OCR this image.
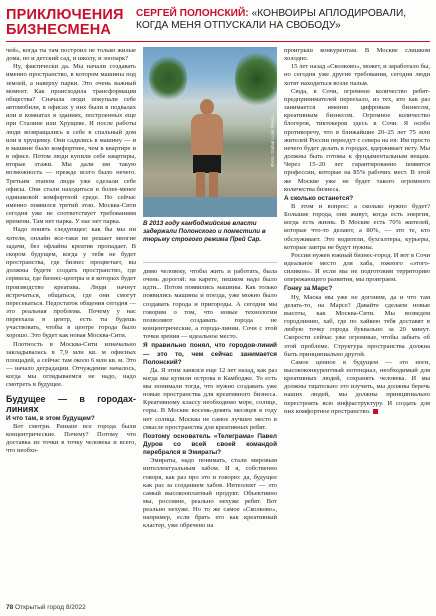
ПРИКЛЮЧЕНИЯ
БИЗНЕСМЕНА
СЕРГЕЙ ПОЛОНСКИЙ: «КОНВОИРЫ АПЛОДИРОВАЛИ, КОГДА МЕНЯ ОТПУСКАЛИ НА СВОБОДУ»

чей», когда ты там построил не только жилые дома, но и детский сад, и школу, и зоопарк?

Ну, фактически да. Мы начали создавать именно пространство, в котором машины под землей, а наверху парки. Это очень важный момент. Как происходила трансформация общества? Сначала люди покупали себе автомобили, в офисах у них были в подвалах или в комнатах в зданиях, построенных еще при Сталине или Хрущеве. И после работы люди возвращались к себе в спальный дом или в хрущевку. Они садились в машину — и в машине было комфортнее, чем в квартире и в офисе. Потом люди купили себе квартиры, вторые этажи. Мы дали им такую возможность — прежде всего было нечего. Третьим этапом люди уже сделали себе офисы. Они стали находиться в более-менее одинаковой комфортной среде. Но сейчас именно появился третий этап. Москва-Сити сегодня уже не соответствует требованиям времени. Там нет парка. У нас нет парка.

Надо понять следующее: как бы мы ни хотели, онлайн все-таки не решает многие задачи, без офлайна креатив пропадает. В скором будущем, когда у тебя не будет пространства, где бизнес процветает, вы должны будете создать пространство, где сервисы, где бизнес-центры и в которых будет производство креатива. Люди начнут встречаться, общаться, где они смогут пересекаться. Недостаток общения сегодня — это реальная проблема. Почему у нас переехала в центр, есть ты будешь участвовать, чтобы в центре города было хорошо. Это будет как новая Москва-Сити.

Плотность в Москва-Сити изначально закладывалась в 7,9 млн кв. м офисных площадей, а сейчас там около 6 млн кв. м. Это — начало деградации. Отчуждение началось, когда мы оглядываемся не надо, надо смотреть в будущее.

Будущее — в городах-линиях

И что там, в этом будущем?

Вот смотри. Раньше все города были концентрические. Почему? Потому что доставка из точки в точку человека и всего, что необхо-

Фото: Global Look Press
В 2013 году камбоджийские власти задержали Полонского и поместили в тюрьму строгого режима Прей Сар.

димо человеку, чтобы жить и работать, была очень дорогой: на карете, пешком надо было идти... Потом появились машины. Как только появились машины и поезда, уже можно было создавать города и пригороды. А сегодня мы говорим о том, что новые технологии позволяют создавать города не концентрические, а города-линии. Сочи с этой точки зрения — идеальное место.

Я правильно понял, что городов-линий — это то, чем сейчас занимается Полонский?

Да. Я этим занялся еще 12 лет назад, как раз когда мы купили острова в Камбодже. То есть мы понимали тогда, что нужно создавать уже новые пространства для креативного бизнеса. Креативному классу необходимо море, солнце, горы. В Москве восемь-девять месяцев в году нет солнца. Москва не самое лучшее место в смысле пространства для креативных ребят.

Поэтому основатель «Телеграма» Павел Дуров со всей своей командой перебрался в Эмираты?

Эмираты, надо понимать, стали мировым интеллектуальным хабом. И я, собственно говоря, как раз про это и говорю: да, будущее как раз за созданием хабов. Интеллект — это самый высокооплатный продукт. Объективно мы, россияне, реально нехуже ребят. Вот реально нехуже. Но то же самое «Сколково», например, если брать его как креативный кластер, уже обречено на

проигрыш конкурентам. В Москве слишком холодно.

15 лет назад «Сколково», может, и заработало бы, но сегодня уже другие требования, сегодня люди хотят находиться возле пальм.

Сюда, в Сочи, огромное количество ребят-предпринимателей переехало, из тех, кто как раз занимается именно цифровым бизнесом, креативным бизнесом. Огромное количество блогеров, тиктокеров здесь в Сочи. Я особо противоречу, что в ближайшие 20–25 лет 75 млн жителей России переедут с севера на юг. Им просто нечего будет делать в городах, вдерживает нету. Мы должны быть готовы к фундаментальным вещам. Через 15–20 лет гарантированно появятся профессии, которые на 85% рабочих мест. В этой же Москве уже не будет такого огромного количества бизнеса.

А сколько останется?

В этом и вопрос: а сколько нужно будет? Большие города, они живут, когда есть энергия, когда есть жизнь. В Москве есть 70% жителей, которые что-то делают, а 80%, — это те, кто обслуживает. Это водители, бухгалтеры, курьеры, которые завтра не будут нужны.

России нужен южный бизнес-город. И вот в Сочи идеальное место для хаба, южного «этого-силикон». И если мы не подготовим территорию опережающего развития, мы проиграем.

Гонку за Марс?

Ну, Маска мы уже не догоним, да и что там делать-то, на Марсе? Давайте сделаем новые высоты, как Москва-Сити. Мы возведем городлинию, хаб, где по хайвею тебя доставят в любую точку города буквально за 20 минут. Скорости сейчас уже огромные, чтобы забыть об этой проблеме. Структура пространства должна быть принципиально другой.

Самое ценное в будущем — это ноги, высококонкурентный потенциал, необходимый для креативных людей, сохранять человека. И мы должны тщательно это изучить, мы должны беречь наших людей, мы должны принципиально перестроить всю инфраструктуру. И создать для них комфортное пространство.

78 Открытый город 8/2022
